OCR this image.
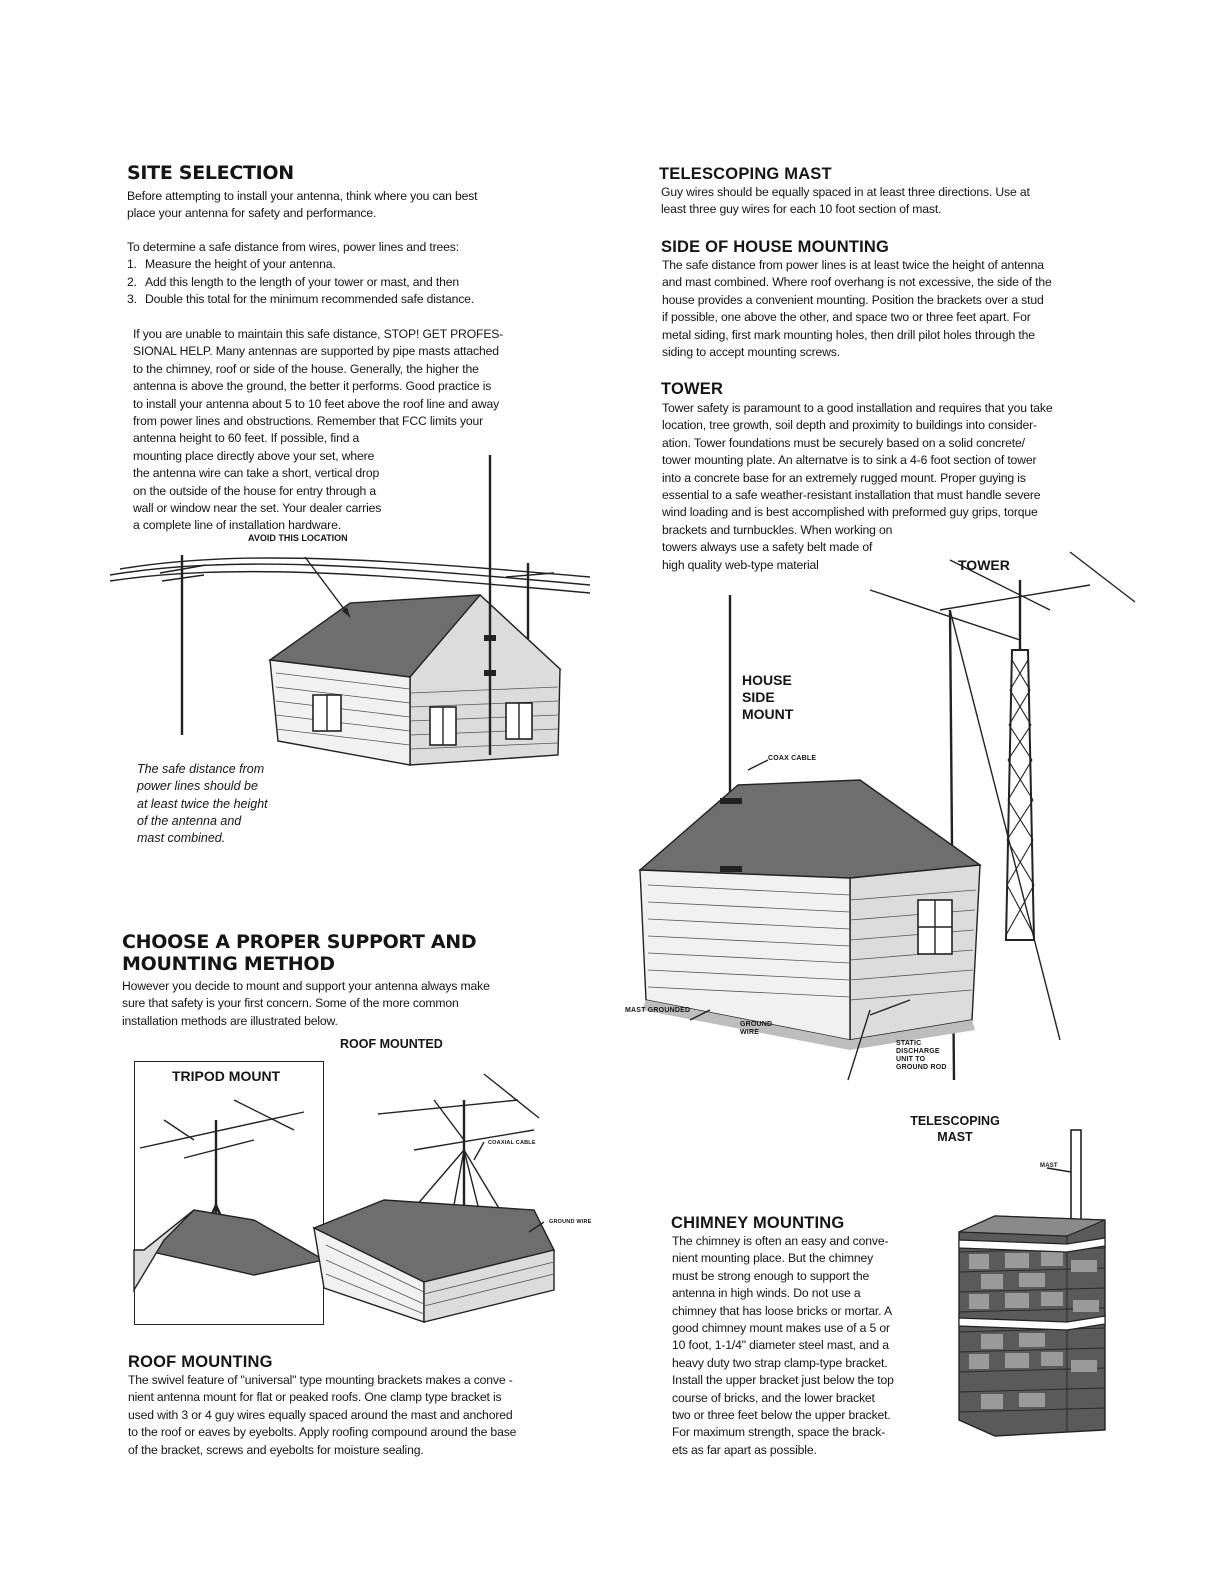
SITE SELECTION

Before attempting to install your antenna, think where you can best

place your antenna for safety and performance.

To determine a safe distance from wires, power lines and trees:

1. Measure the height of your antenna.
2. Add this length to the length of your tower or mast, and then
3. Double this total for the minimum recommended safe distance.

If you are unable to maintain this safe distance, STOP! GET PROFES-

SIONAL HELP. Many antennas are supported by pipe masts attached

to the chimney, roof or side of the house. Generally, the higher the

antenna is above the ground, the better it performs. Good practice is

to install your antenna about 5 to 10 feet above the roof line and away

from power lines and obstructions. Remember that FCC limits your

antenna height to 60 feet. If possible, find a

mounting place directly above your set, where

the antenna wire can take a short, vertical drop

on the outside of the house for entry through a

wall or window near the set. Your dealer carries

a complete line of installation hardware.

AVOID THIS LOCATION
The safe distance from
power lines should be
at least twice the height
of the antenna and
mast combined.
TELESCOPING MAST

Guy wires should be equally spaced in at least three directions. Use at

least three guy wires for each 10 foot section of mast.

SIDE OF HOUSE MOUNTING

The safe distance from power lines is at least twice the height of antenna

and mast combined. Where roof overhang is not excessive, the side of the

house provides a convenient mounting. Position the brackets over a stud

if possible, one above the other, and space two or three feet apart. For

metal siding, first mark mounting holes, then drill pilot holes through the

siding to accept mounting screws.

TOWER

Tower safety is paramount to a good installation and requires that you take

location, tree growth, soil depth and proximity to buildings into consider-

ation. Tower foundations must be securely based on a solid concrete/

tower mounting plate. An alternatve is to sink a 4-6 foot section of tower

into a concrete base for an extremely rugged mount. Proper guying is

essential to a safe weather-resistant installation that must handle severe

wind loading and is best accomplished with preformed guy grips, torque

brackets and turnbuckles. When working on

towers always use a safety belt made of

high quality web-type material	TOWER
HOUSE
SIDE
MOUNT
COAX CABLE
MAST GROUNDED
GROUND
WIRE
STATIC
DISCHARGE
UNIT TO
GROUND ROD
TELESCOPING
MAST
CHOOSE A PROPER SUPPORT AND
MOUNTING METHOD

However you decide to mount and support your antenna always make

sure that safety is your first concern. Some of the more common

installation methods are illustrated below.

ROOF MOUNTED
TRIPOD MOUNT
COAXIAL CABLE
GROUND WIRE
ROOF MOUNTING

The swivel feature of "universal" type mounting brackets makes a conve -

nient antenna mount for flat or peaked roofs. One clamp type bracket is

used with 3 or 4 guy wires equally spaced around the mast and anchored

to the roof or eaves by eyebolts. Apply roofing compound around the base

of the bracket, screws and eyebolts for moisture sealing.

CHIMNEY MOUNTING

The chimney is often an easy and conve-

nient mounting place. But the chimney

must be strong enough to support the

antenna in high winds. Do not use a

chimney that has loose bricks or mortar. A

good chimney mount makes use of a 5 or

10 foot, 1-1/4" diameter steel mast, and a

heavy duty two strap clamp-type bracket.

Install the upper bracket just below the top

course of bricks, and the lower bracket

two or three feet below the upper bracket.

For maximum strength, space the brack-

ets as far apart as possible.

MAST
